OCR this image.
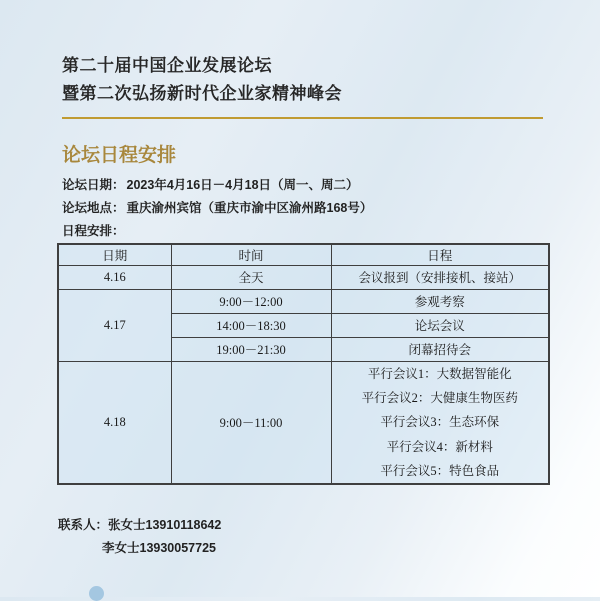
第二十届中国企业发展论坛
暨第二次弘扬新时代企业家精神峰会
论坛日程安排
论坛日期： 2023年4月16日－4月18日（周一、周二）
论坛地点： 重庆渝州宾馆（重庆市渝中区渝州路168号）
日程安排：
日期	时间	日程
4.16	全天	会议报到（安排接机、接站）
4.17	9:00－12:00	参观考察
	14:00－18:30	论坛会议
	19:00－21:30	闭幕招待会
4.18	9:00－11:00	平行会议1：大数据智能化
平行会议2：大健康生物医药
平行会议3：生态环保
平行会议4：新材料
平行会议5：特色食品
联系人：张女士13910118642
李女士13930057725
